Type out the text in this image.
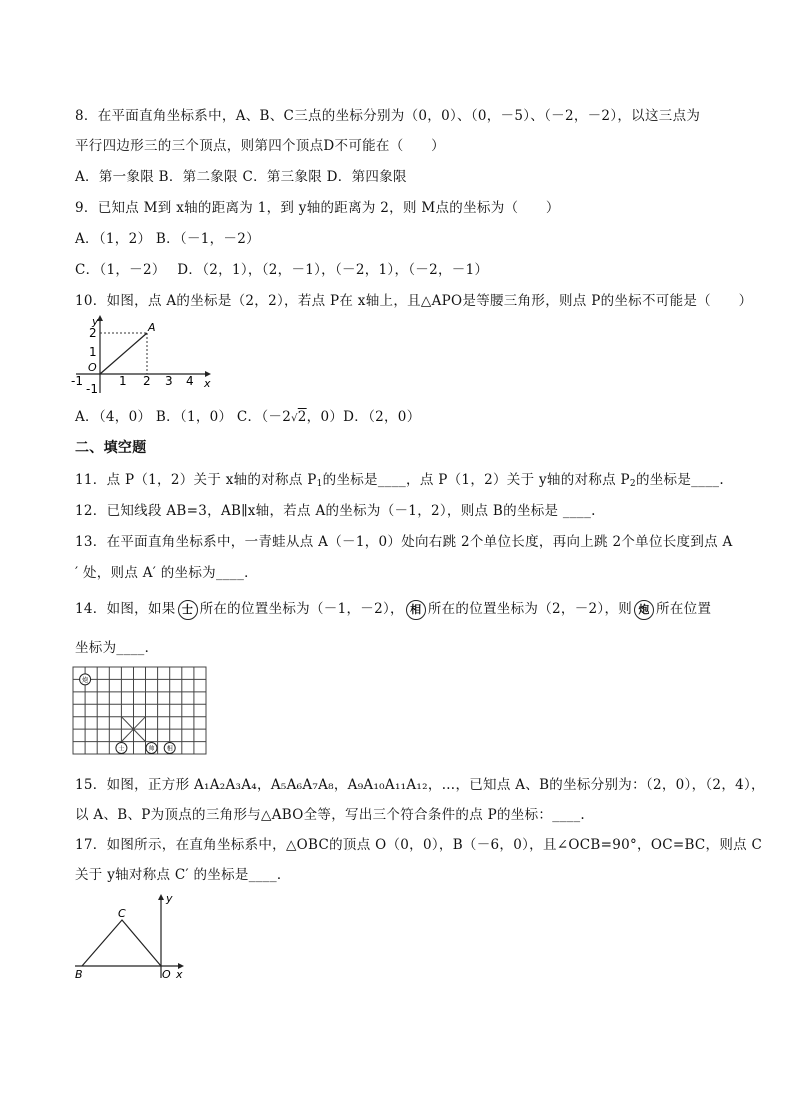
8．在平面直角坐标系中，A、B、C三点的坐标分别为（0，0）、（0，－5）、（－2，－2），以这三点为
平行四边形三的三个顶点，则第四个顶点D不可能在（　　）
A．第一象限 B．第二象限 C．第三象限 D．第四象限
9．已知点 M到 x轴的距离为 1，到 y轴的距离为 2，则 M点的坐标为（　　）
A．（1，2） B．（－1，－2）
C．（1，－2）　 D．（2，1），（2，－1），（－2，1），（－2，－1）
10．如图，点 A的坐标是（2，2），若点 P在 x轴上，且△APO是等腰三角形，则点 P的坐标不可能是（　　）
y
x
A
O
2
1
-1
-1	1 2 3 4
A．（4，0） B．（1，0） C．（－2√2，0）D．（2，0）
二、填空题
11．点 P（1，2）关于 x轴的对称点 $P_1$的坐标是____，点 P（1，2）关于 y轴的对称点 $P_2$的坐标是____.
12．已知线段 AB=3，AB∥x轴，若点 A的坐标为（－1，2），则点 B的坐标是 ____.
13．在平面直角坐标系中，一青蛙从点 A（－1，0）处向右跳 2个单位长度，再向上跳 2个单位长度到点 A
′ 处，则点 A′ 的坐标为____．
14．如图，如果 士 所在的位置坐标为（－1，－2）， 相 所在的位置坐标为（2，－2），则 炮 所在位置
坐标为____．
炮
士	帅 相
15．如图，正方形 A₁A₂A₃A₄，A₅A₆A₇A₈，A₉A₁₀A₁₁A₁₂，…，已知点 A、B的坐标分别为：（2，0），（2，4），
以 A、B、P为顶点的三角形与△ABO全等，写出三个符合条件的点 P的坐标：____.
17．如图所示，在直角坐标系中，△OBC的顶点 O（0，0），B（－6，0），且∠OCB=90°，OC=BC，则点 C
关于 y轴对称点 C′ 的坐标是____．
C
B	O x
y
